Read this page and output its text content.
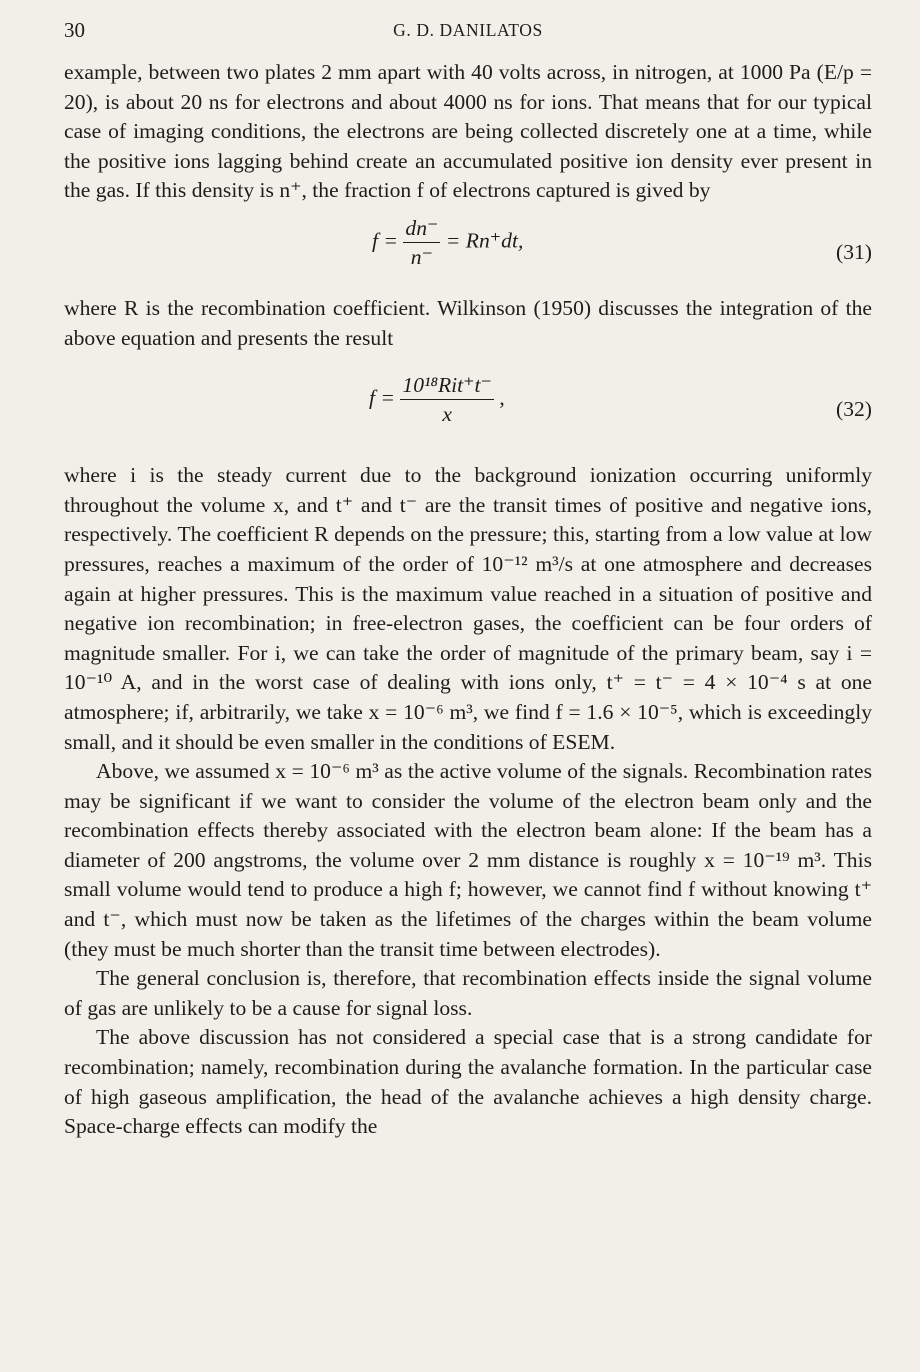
30	G. D. DANILATOS

example, between two plates 2 mm apart with 40 volts across, in nitrogen, at 1000 Pa (E/p = 20), is about 20 ns for electrons and about 4000 ns for ions. That means that for our typical case of imaging conditions, the electrons are being collected discretely one at a time, while the positive ions lagging behind create an accumulated positive ion density ever present in the gas. If this density is n⁺, the fraction f of electrons captured is gived by

$f = \frac{dn^-}{n^-} = Rn^+dt$,	(31)

where R is the recombination coefficient. Wilkinson (1950) discusses the integration of the above equation and presents the result

$f = \frac{\text{10¹⁸Rit⁺t⁻}}{x}$ ,	(32)

where i is the steady current due to the background ionization occurring uniformly throughout the volume x, and t⁺ and t⁻ are the transit times of positive and negative ions, respectively. The coefficient R depends on the pressure; this, starting from a low value at low pressures, reaches a maximum of the order of 10⁻¹² m³/s at one atmosphere and decreases again at higher pressures. This is the maximum value reached in a situation of positive and negative ion recombination; in free-electron gases, the coefficient can be four orders of magnitude smaller. For i, we can take the order of magnitude of the primary beam, say i = 10⁻¹⁰ A, and in the worst case of dealing with ions only, t⁺ = t⁻ = 4 × 10⁻⁴ s at one atmosphere; if, arbitrarily, we take x = 10⁻⁶ m³, we find f = 1.6 × 10⁻⁵, which is exceedingly small, and it should be even smaller in the conditions of ESEM.

Above, we assumed x = 10⁻⁶ m³ as the active volume of the signals. Recombination rates may be significant if we want to consider the volume of the electron beam only and the recombination effects thereby associated with the electron beam alone: If the beam has a diameter of 200 angstroms, the volume over 2 mm distance is roughly x = 10⁻¹⁹ m³. This small volume would tend to produce a high f; however, we cannot find f without knowing t⁺ and t⁻, which must now be taken as the lifetimes of the charges within the beam volume (they must be much shorter than the transit time between electrodes).

The general conclusion is, therefore, that recombination effects inside the signal volume of gas are unlikely to be a cause for signal loss.

The above discussion has not considered a special case that is a strong candidate for recombination; namely, recombination during the avalanche formation. In the particular case of high gaseous amplification, the head of the avalanche achieves a high density charge. Space-charge effects can modify the
